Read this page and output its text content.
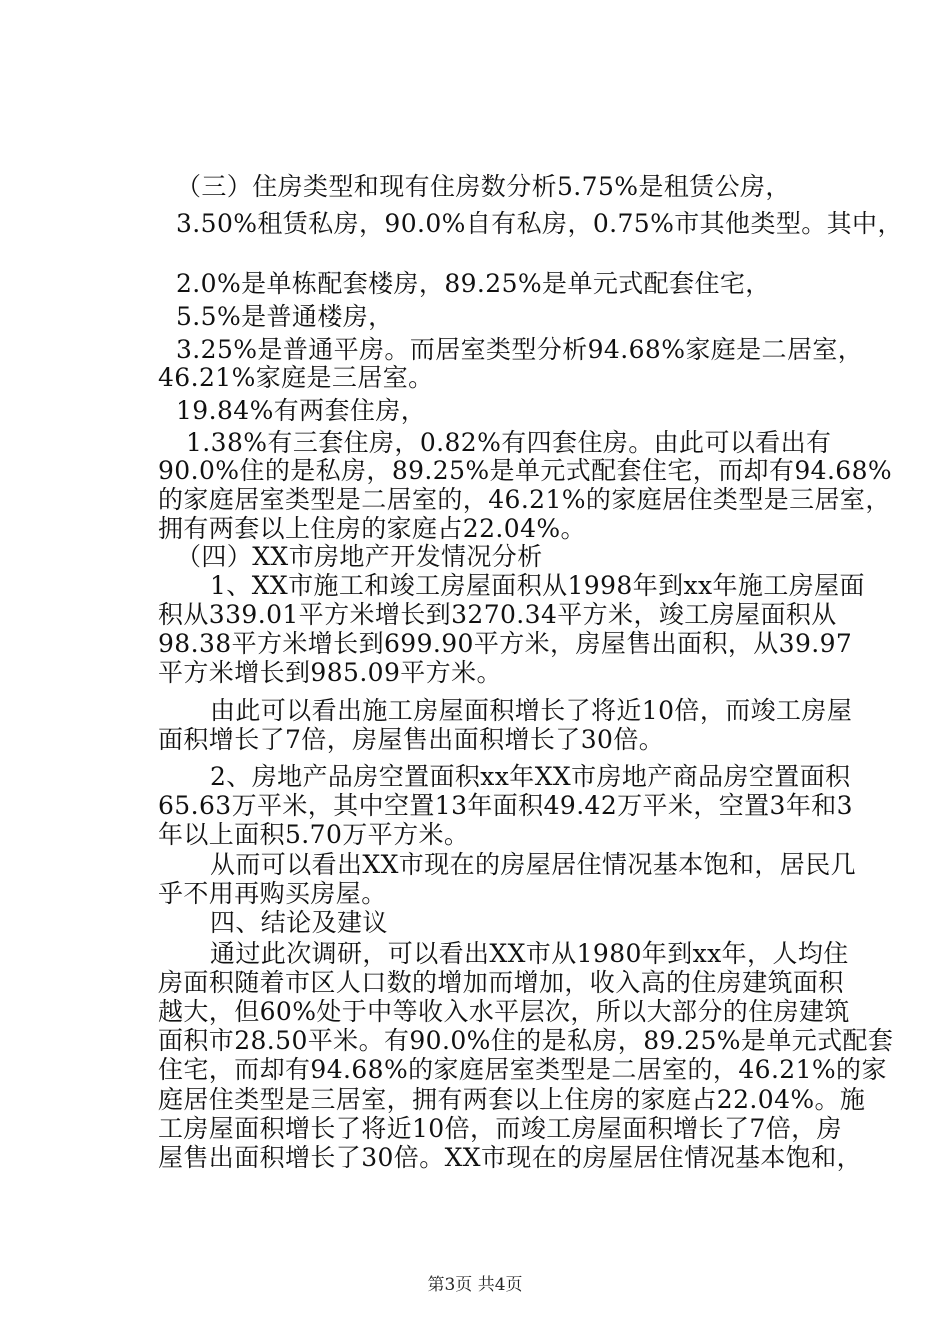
（三）住房类型和现有住房数分析5.75%是租赁公房，
3.50%租赁私房，90.0%自有私房，0.75%市其他类型。其中，
2.0%是单栋配套楼房，89.25%是单元式配套住宅，
5.5%是普通楼房，
3.25%是普通平房。而居室类型分析94.68%家庭是二居室，
46.21%家庭是三居室。
19.84%有两套住房，
1.38%有三套住房，0.82%有四套住房。由此可以看出有
90.0%住的是私房，89.25%是单元式配套住宅，而却有94.68%
的家庭居室类型是二居室的，46.21%的家庭居住类型是三居室，
拥有两套以上住房的家庭占22.04%。
（四）XX市房地产开发情况分析
1、XX市施工和竣工房屋面积从1998年到xx年施工房屋面
积从339.01平方米增长到3270.34平方米，竣工房屋面积从
98.38平方米增长到699.90平方米，房屋售出面积，从39.97
平方米增长到985.09平方米。
由此可以看出施工房屋面积增长了将近10倍，而竣工房屋
面积增长了7倍，房屋售出面积增长了30倍。
2、房地产品房空置面积xx年XX市房地产商品房空置面积
65.63万平米，其中空置13年面积49.42万平米，空置3年和3
年以上面积5.70万平方米。
从而可以看出XX市现在的房屋居住情况基本饱和，居民几
乎不用再购买房屋。
四、结论及建议
通过此次调研，可以看出XX市从1980年到xx年，人均住
房面积随着市区人口数的增加而增加，收入高的住房建筑面积
越大，但60%处于中等收入水平层次，所以大部分的住房建筑
面积市28.50平米。有90.0%住的是私房，89.25%是单元式配套
住宅，而却有94.68%的家庭居室类型是二居室的，46.21%的家
庭居住类型是三居室，拥有两套以上住房的家庭占22.04%。施
工房屋面积增长了将近10倍，而竣工房屋面积增长了7倍，房
屋售出面积增长了30倍。XX市现在的房屋居住情况基本饱和，
第3页 共4页
